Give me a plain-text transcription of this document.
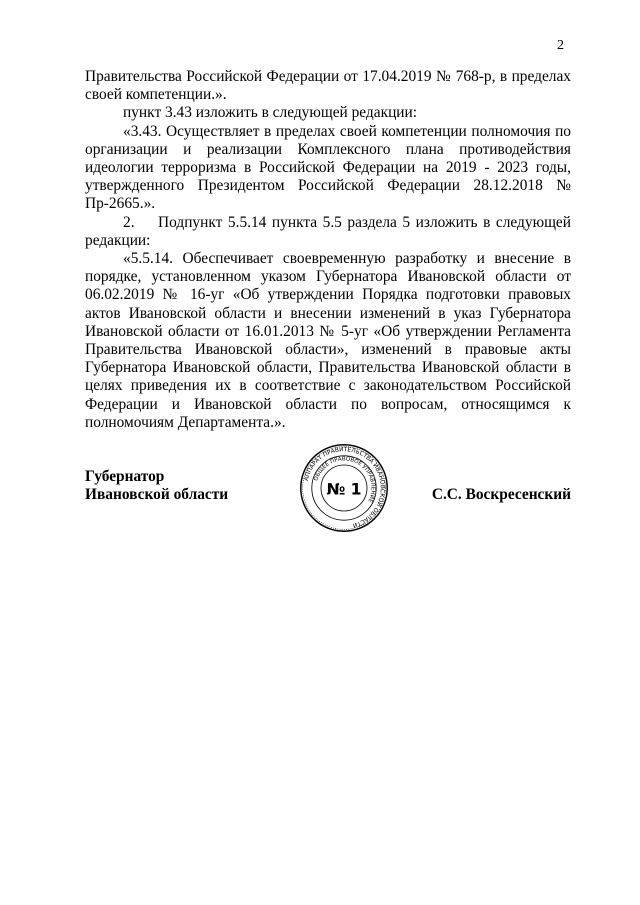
2

Правительства Российской Федерации от 17.04.2019 № 768-р, в пределах своей компетенции.».

пункт 3.43 изложить в следующей редакции:

«3.43. Осуществляет в пределах своей компетенции полномочия по организации и реализации Комплексного плана противодействия идеологии терроризма в Российской Федерации на 2019 - 2023 годы, утвержденного Президентом Российской Федерации 28.12.2018 № Пр-2665.».

2. Подпункт 5.5.14 пункта 5.5 раздела 5 изложить в следующей редакции:

«5.5.14. Обеспечивает своевременную разработку и внесение в порядке, установленном указом Губернатора Ивановской области от 06.02.2019 № 16-уг «Об утверждении Порядка подготовки правовых актов Ивановской области и внесении изменений в указ Губернатора Ивановской области от 16.01.2013 № 5-уг «Об утверждении Регламента Правительства Ивановской области», изменений в правовые акты Губернатора Ивановской области, Правительства Ивановской области в целях приведения их в соответствие с законодательством Российской Федерации и Ивановской области по вопросам, относящимся к полномочиям Департамента.».

Губернатор
Ивановской области
АППАРАТ ПРАВИТЕЛЬСТВА ИВАНОВСКОЙ ОБЛАСТИ
ОБЩЕЕ ПРАВОВОЕ УПРАВЛЕНИЕ
№ 1	С.С. Воскресенский
